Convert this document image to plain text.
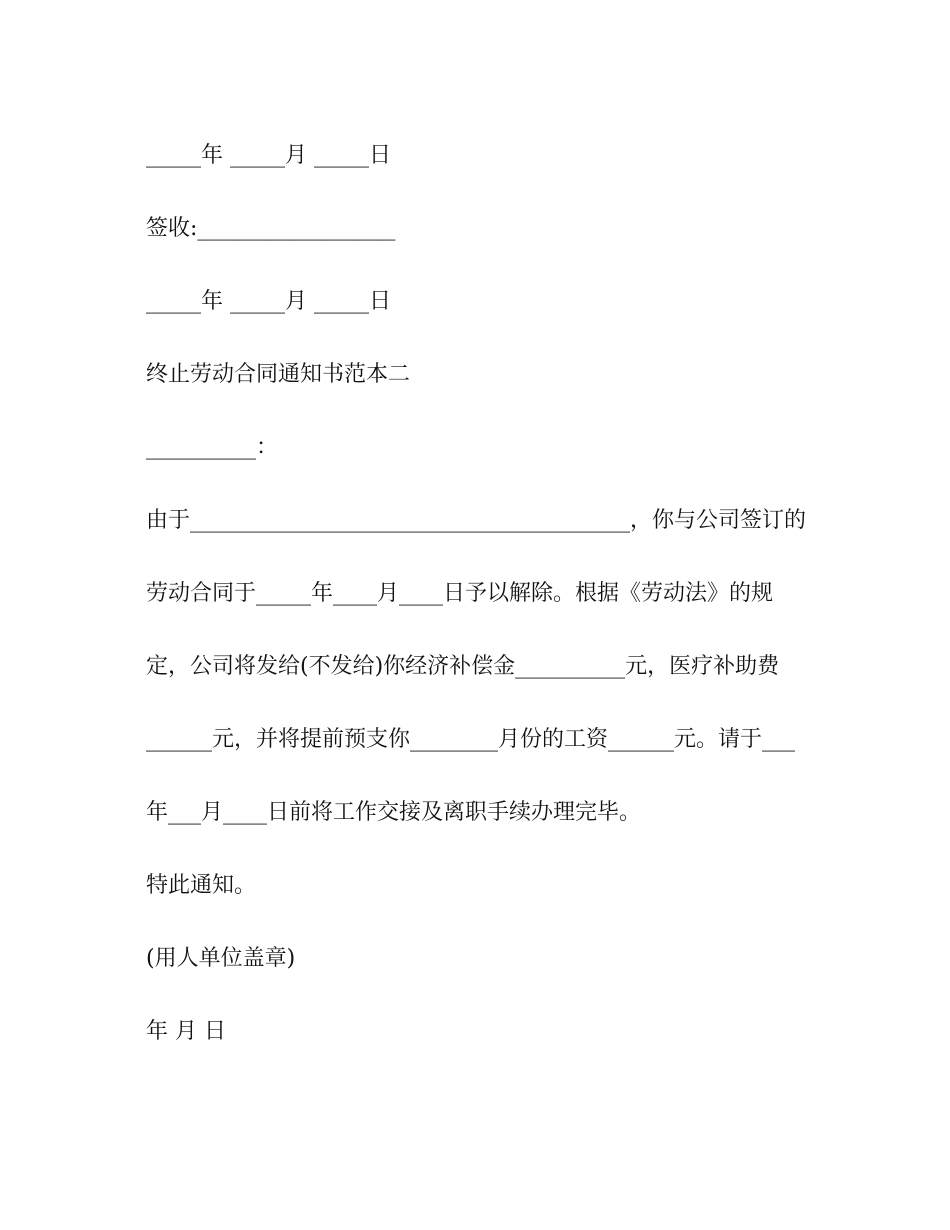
_____年 _____月 _____日
签收:__________________
_____年 _____月 _____日
终止劳动合同通知书范本二
__________：
由于________________________________________，你与公司签订的
劳动合同于_____年____月____日予以解除。根据《劳动法》的规
定，公司将发给(不发给)你经济补偿金__________元，医疗补助费
______元，并将提前预支你________月份的工资______元。请于___
年___月____日前将工作交接及离职手续办理完毕。
特此通知。
(用人单位盖章)
年 月 日
